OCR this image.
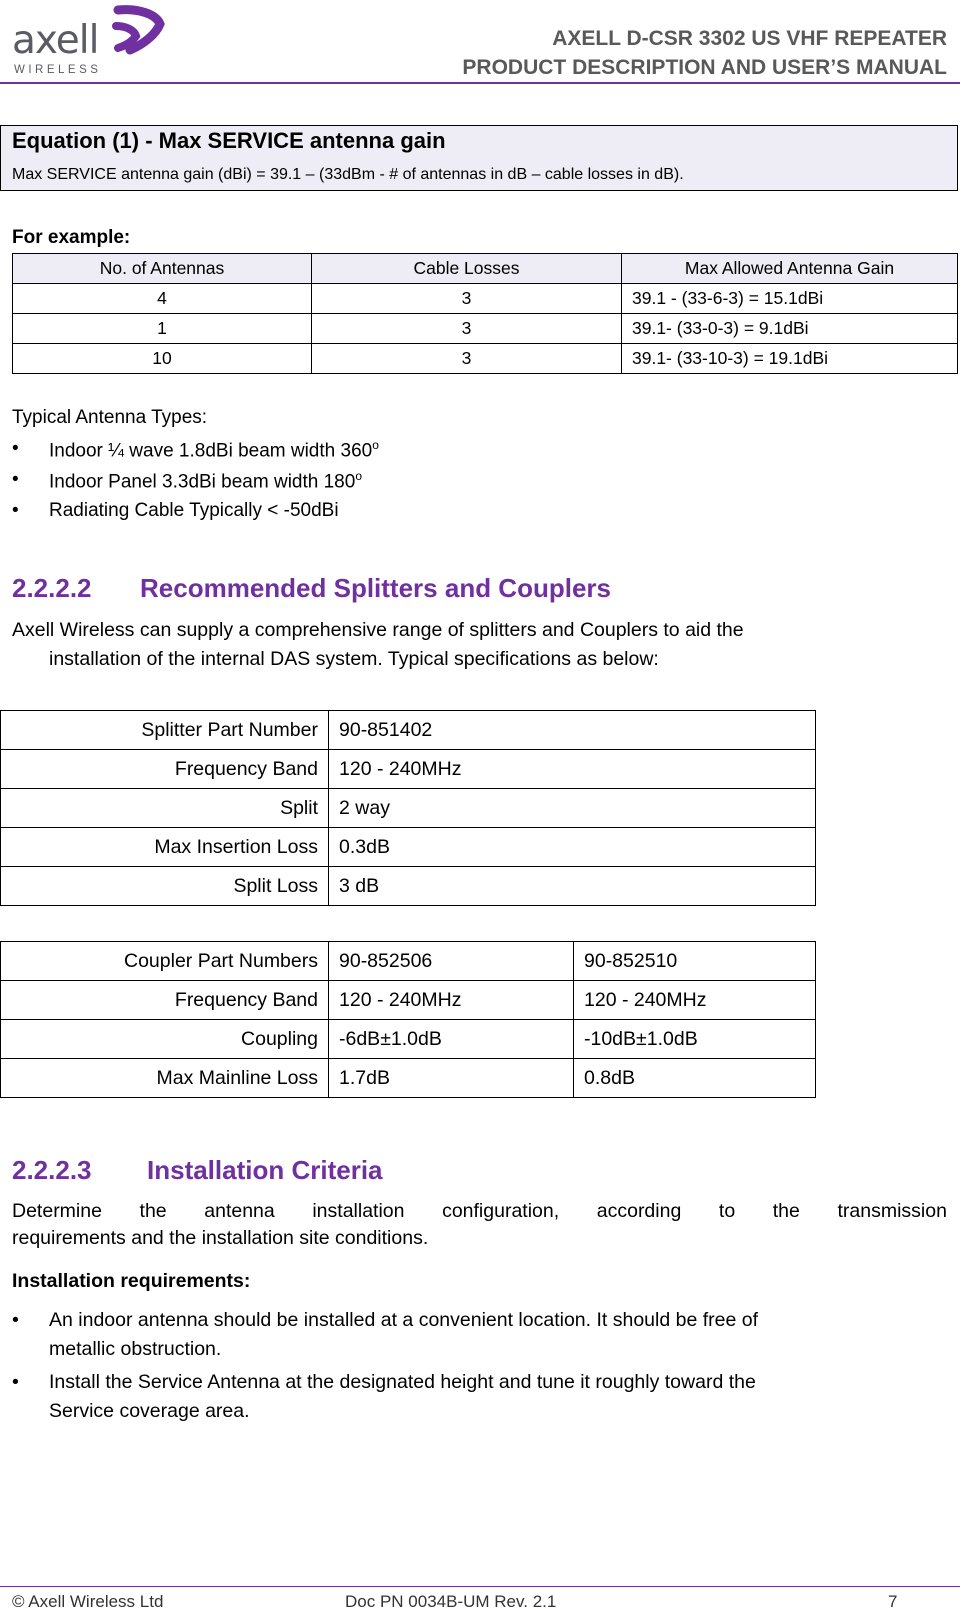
axell
WIRELESS
AXELL D-CSR 3302 US VHF REPEATER
PRODUCT DESCRIPTION AND USER’S MANUAL
Equation (1) - Max SERVICE antenna gain
Max SERVICE antenna gain (dBi) = 39.1 – (33dBm - # of antennas in dB – cable losses in dB).
For example:
No. of Antennas	Cable Losses	Max Allowed Antenna Gain
4	3	39.1 - (33-6-3) = 15.1dBi
1	3	39.1- (33-0-3) = 9.1dBi
10	3	39.1- (33-10-3) = 19.1dBi
Typical Antenna Types:
• Indoor ¼ wave 1.8dBi beam width 360$^o$
• Indoor Panel 3.3dBi beam width 180$^o$
• Radiating Cable Typically < -50dBi
2.2.2.2 Recommended Splitters and Couplers
Axell Wireless can supply a comprehensive range of splitters and Couplers to aid the
installation of the internal DAS system. Typical specifications as below:
Splitter Part Number	90-851402
Frequency Band	120 - 240MHz
Split	2 way
Max Insertion Loss	0.3dB
Split Loss	3 dB
Coupler Part Numbers	90-852506	90-852510
Frequency Band	120 - 240MHz	120 - 240MHz
Coupling	-6dB±1.0dB	-10dB±1.0dB
Max Mainline Loss	1.7dB	0.8dB
2.2.2.3 Installation Criteria
Determine the antenna installation configuration, according to the transmission
requirements and the installation site conditions.
Installation requirements:
• An indoor antenna should be installed at a convenient location. It should be free of
metallic obstruction.
• Install the Service Antenna at the designated height and tune it roughly toward the
Service coverage area.
© Axell Wireless Ltd	Doc PN 0034B-UM Rev. 2.1	7
